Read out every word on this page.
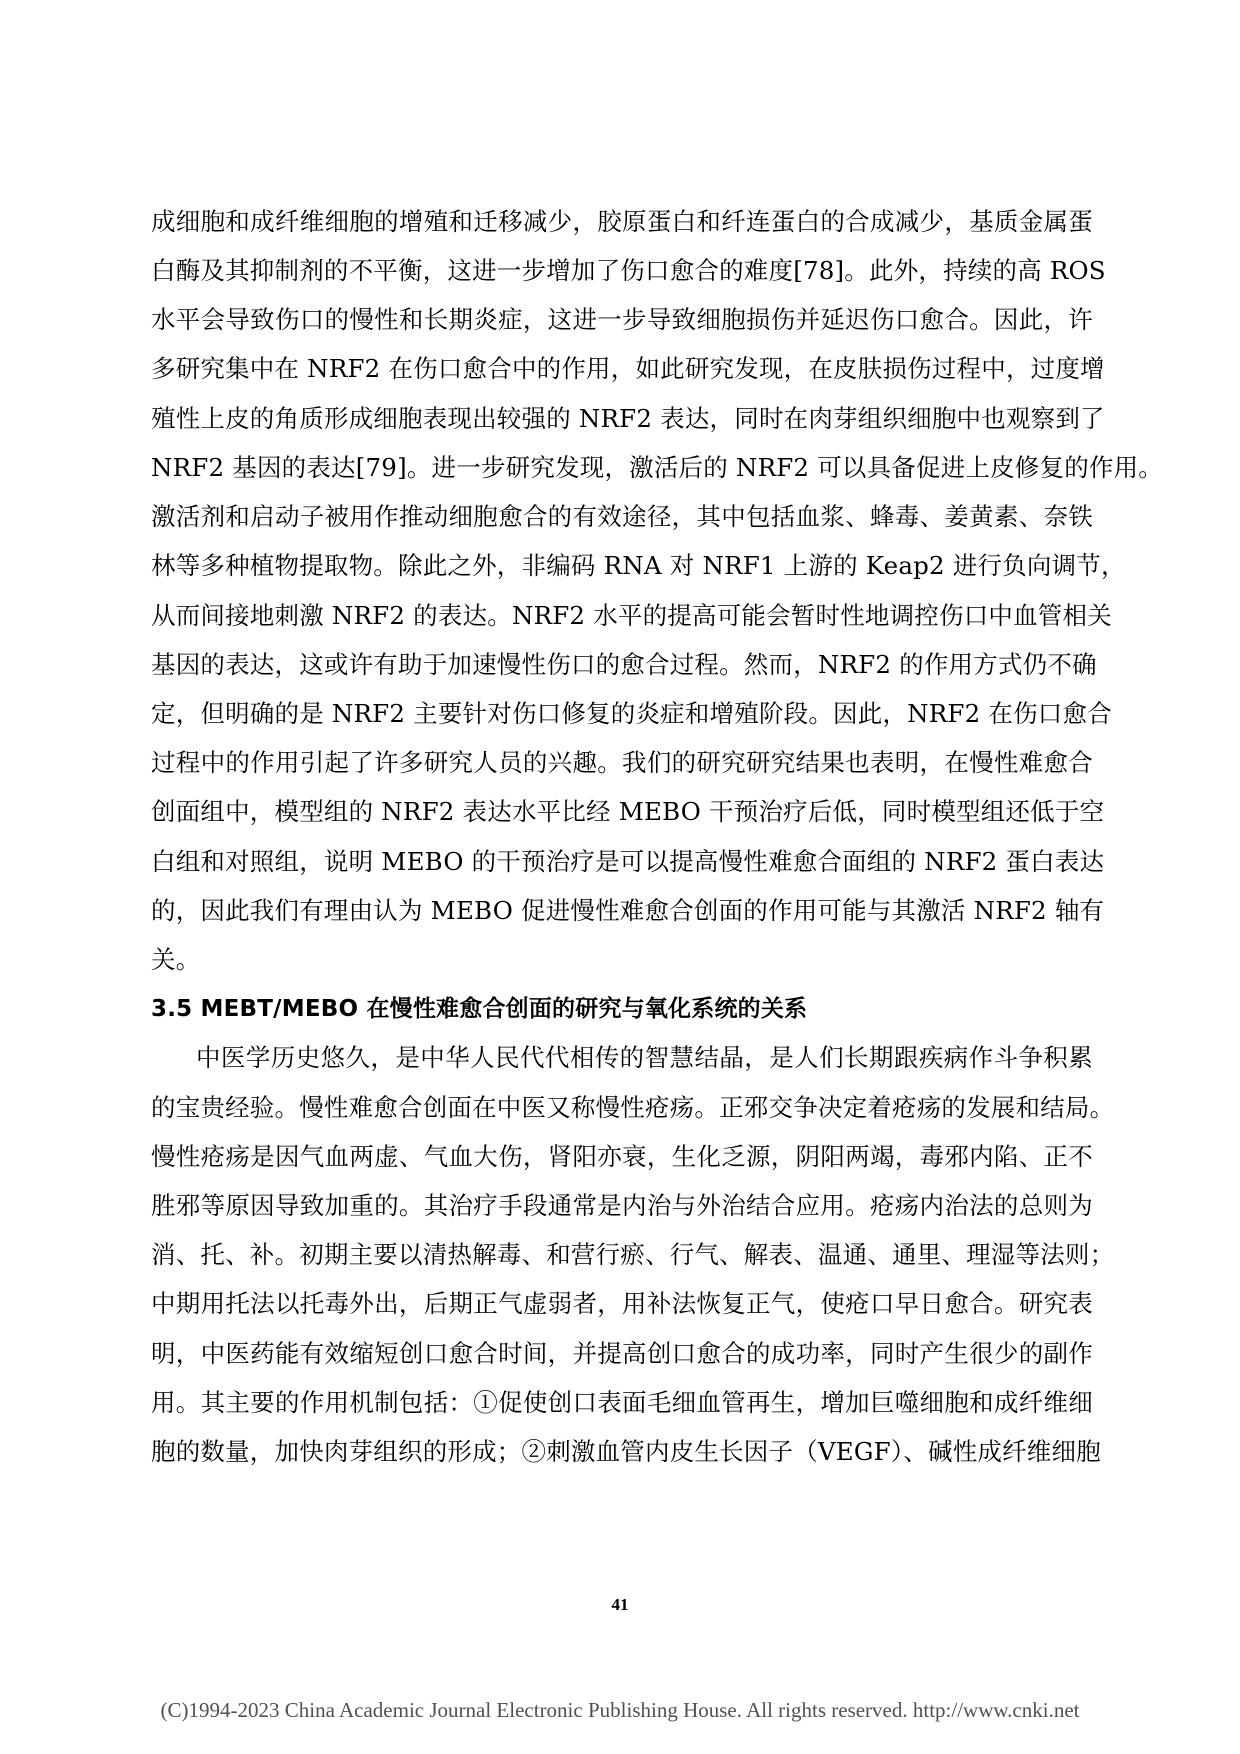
成细胞和成纤维细胞的增殖和迁移减少，胶原蛋白和纤连蛋白的合成减少，基质金属蛋
白酶及其抑制剂的不平衡，这进一步增加了伤口愈合的难度[78]。此外，持续的高 ROS
水平会导致伤口的慢性和长期炎症，这进一步导致细胞损伤并延迟伤口愈合。因此，许
多研究集中在 NRF2 在伤口愈合中的作用，如此研究发现，在皮肤损伤过程中，过度增
殖性上皮的角质形成细胞表现出较强的 NRF2 表达，同时在肉芽组织细胞中也观察到了
NRF2 基因的表达[79]。进一步研究发现，激活后的 NRF2 可以具备促进上皮修复的作用。
激活剂和启动子被用作推动细胞愈合的有效途径，其中包括血浆、蜂毒、姜黄素、奈铁
林等多种植物提取物。除此之外，非编码 RNA 对 NRF1 上游的 Keap2 进行负向调节，
从而间接地刺激 NRF2 的表达。NRF2 水平的提高可能会暂时性地调控伤口中血管相关
基因的表达，这或许有助于加速慢性伤口的愈合过程。然而，NRF2 的作用方式仍不确
定，但明确的是 NRF2 主要针对伤口修复的炎症和增殖阶段。因此，NRF2 在伤口愈合
过程中的作用引起了许多研究人员的兴趣。我们的研究研究结果也表明，在慢性难愈合
创面组中，模型组的 NRF2 表达水平比经 MEBO 干预治疗后低，同时模型组还低于空
白组和对照组，说明 MEBO 的干预治疗是可以提高慢性难愈合面组的 NRF2 蛋白表达
的，因此我们有理由认为 MEBO 促进慢性难愈合创面的作用可能与其激活 NRF2 轴有
关。
3.5 MEBT/MEBO 在慢性难愈合创面的研究与氧化系统的关系
中医学历史悠久，是中华人民代代相传的智慧结晶，是人们长期跟疾病作斗争积累
的宝贵经验。慢性难愈合创面在中医又称慢性疮疡。正邪交争决定着疮疡的发展和结局。
慢性疮疡是因气血两虚、气血大伤，肾阳亦衰，生化乏源，阴阳两竭，毒邪内陷、正不
胜邪等原因导致加重的。其治疗手段通常是内治与外治结合应用。疮疡内治法的总则为
消、托、补。初期主要以清热解毒、和营行瘀、行气、解表、温通、通里、理湿等法则；
中期用托法以托毒外出，后期正气虚弱者，用补法恢复正气，使疮口早日愈合。研究表
明，中医药能有效缩短创口愈合时间，并提高创口愈合的成功率，同时产生很少的副作
用。其主要的作用机制包括：①促使创口表面毛细血管再生，增加巨噬细胞和成纤维细
胞的数量，加快肉芽组织的形成；②刺激血管内皮生长因子（VEGF）、碱性成纤维细胞
41
(C)1994-2023 China Academic Journal Electronic Publishing House. All rights reserved. http://www.cnki.net
